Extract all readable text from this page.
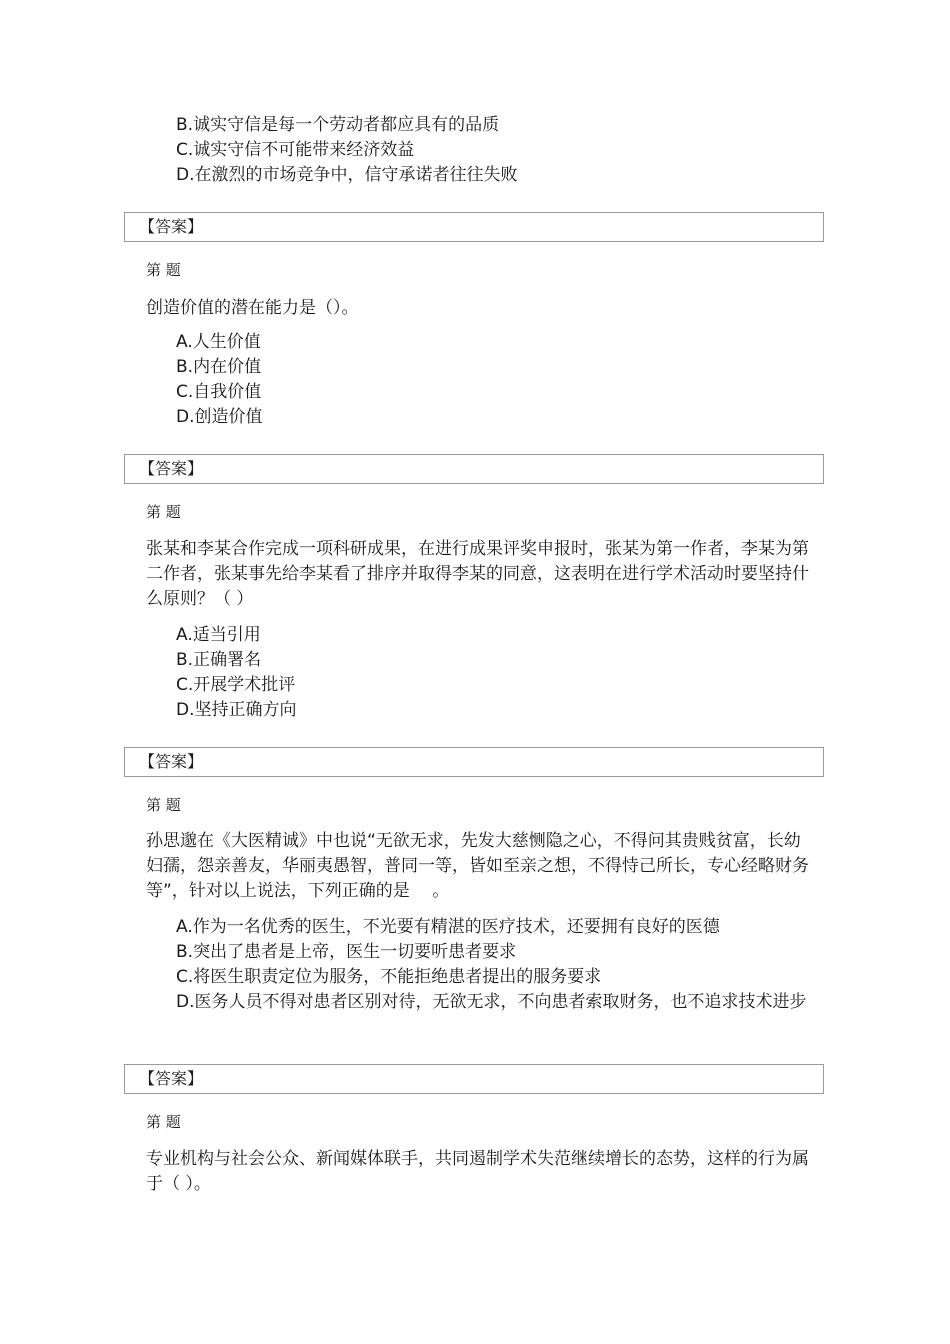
B.诚实守信是每一个劳动者都应具有的品质
C.诚实守信不可能带来经济效益
D.在激烈的市场竞争中，信守承诺者往往失败
【答案】
第 题
创造价值的潜在能力是（）。
A.人生价值
B.内在价值
C.自我价值
D.创造价值
【答案】
第 题
张某和李某合作完成一项科研成果，在进行成果评奖申报时，张某为第一作者，李某为第二作者，张某事先给李某看了排序并取得李某的同意，这表明在进行学术活动时要坚持什么原则？（ ）
A.适当引用
B.正确署名
C.开展学术批评
D.坚持正确方向
【答案】
第 题
孙思邈在《大医精诚》中也说“无欲无求，先发大慈恻隐之心，不得问其贵贱贫富，长幼妇孺，怨亲善友，华丽夷愚智，普同一等，皆如至亲之想，不得恃己所长，专心经略财务等”，针对以上说法，下列正确的是　 。
A.作为一名优秀的医生，不光要有精湛的医疗技术，还要拥有良好的医德
B.突出了患者是上帝，医生一切要听患者要求
C.将医生职责定位为服务，不能拒绝患者提出的服务要求
D.医务人员不得对患者区别对待，无欲无求，不向患者索取财务，也不追求技术进步
【答案】
第 题
专业机构与社会公众、新闻媒体联手，共同遏制学术失范继续增长的态势，这样的行为属于（ ）。
